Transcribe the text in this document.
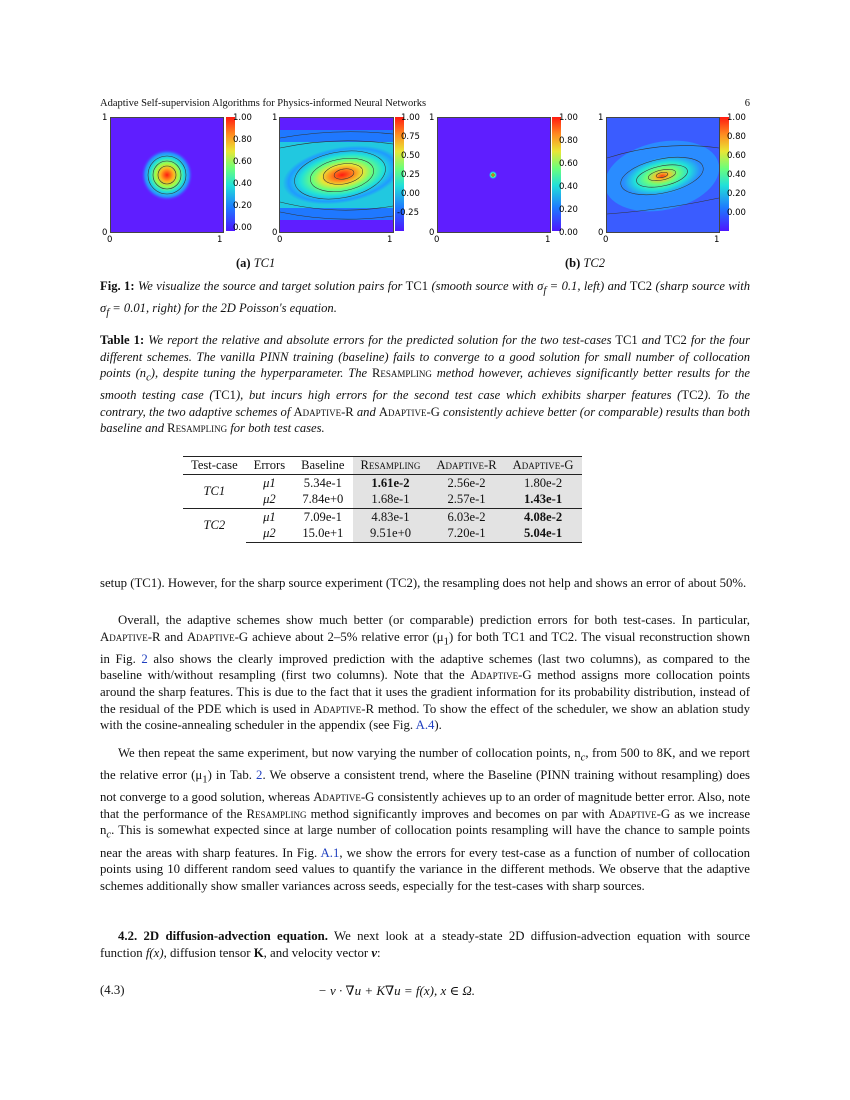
Adaptive Self-supervision Algorithms for Physics-informed Neural Networks	6
1
0
0	1
1.00
0.80
0.60
0.40
0.20
0.00
1
0
0	1
1.00
0.75
0.50
0.25
0.00
-0.25
1
0
0	1
1.00
0.80
0.60
0.40
0.20
0.00
1
0
0	1
1.00
0.80
0.60
0.40
0.20
0.00
(a) TC1	(b) TC2
Fig. 1: We visualize the source and target solution pairs for TC1 (smooth source with $\sigma_f = 0.1$, left) and TC2 (sharp source with $\sigma_f = 0.01$, right) for the 2D Poisson's equation.
Table 1: We report the relative and absolute errors for the predicted solution for the two test-cases TC1 and TC2 for the four different schemes. The vanilla PINN training (baseline) fails to converge to a good solution for small number of collocation points $(n_c)$, despite tuning the hyperparameter. The Resampling method however, achieves significantly better results for the smooth testing case (TC1), but incurs high errors for the second test case which exhibits sharper features (TC2). To the contrary, the two adaptive schemes of Adaptive-R and Adaptive-G consistently achieve better (or comparable) results than both baseline and Resampling for both test cases.
Test-case	Errors	Baseline	Resampling	Adaptive-R	Adaptive-G
TC1	μ1	5.34e-1	1.61e-2	2.56e-2	1.80e-2
	μ2	7.84e+0	1.68e-1	2.57e-1	1.43e-1
TC2	μ1	7.09e-1	4.83e-1	6.03e-2	4.08e-2
	μ2	15.0e+1	9.51e+0	7.20e-1	5.04e-1
setup (TC1). However, for the sharp source experiment (TC2), the resampling does not help and shows an error of about 50%.
Overall, the adaptive schemes show much better (or comparable) prediction errors for both test-cases. In particular, Adaptive-R and Adaptive-G achieve about 2–5% relative error $(\mu_1)$ for both TC1 and TC2. The visual reconstruction shown in Fig. 2 also shows the clearly improved prediction with the adaptive schemes (last two columns), as compared to the baseline with/without resampling (first two columns). Note that the Adaptive-G method assigns more collocation points around the sharp features. This is due to the fact that it uses the gradient information for its probability distribution, instead of the residual of the PDE which is used in Adaptive-R method. To show the effect of the scheduler, we show an ablation study with the cosine-annealing scheduler in the appendix (see Fig. A.4).
We then repeat the same experiment, but now varying the number of collocation points, $n_c$, from 500 to 8K, and we report the relative error $(\mu_1)$ in Tab. 2. We observe a consistent trend, where the Baseline (PINN training without resampling) does not converge to a good solution, whereas Adaptive-G consistently achieves up to an order of magnitude better error. Also, note that the performance of the Resampling method significantly improves and becomes on par with Adaptive-G as we increase $n_c$. This is somewhat expected since at large number of collocation points resampling will have the chance to sample points near the areas with sharp features. In Fig. A.1, we show the errors for every test-case as a function of number of collocation points using 10 different random seed values to quantify the variance in the different methods. We observe that the adaptive schemes additionally show smaller variances across seeds, especially for the test-cases with sharp sources.
4.2. 2D diffusion-advection equation. We next look at a steady-state 2D diffusion-advection equation with source function f(x), diffusion tensor K, and velocity vector v:
(4.3)	− v · ∇u + K∇u = f(x), x ∈ Ω.
